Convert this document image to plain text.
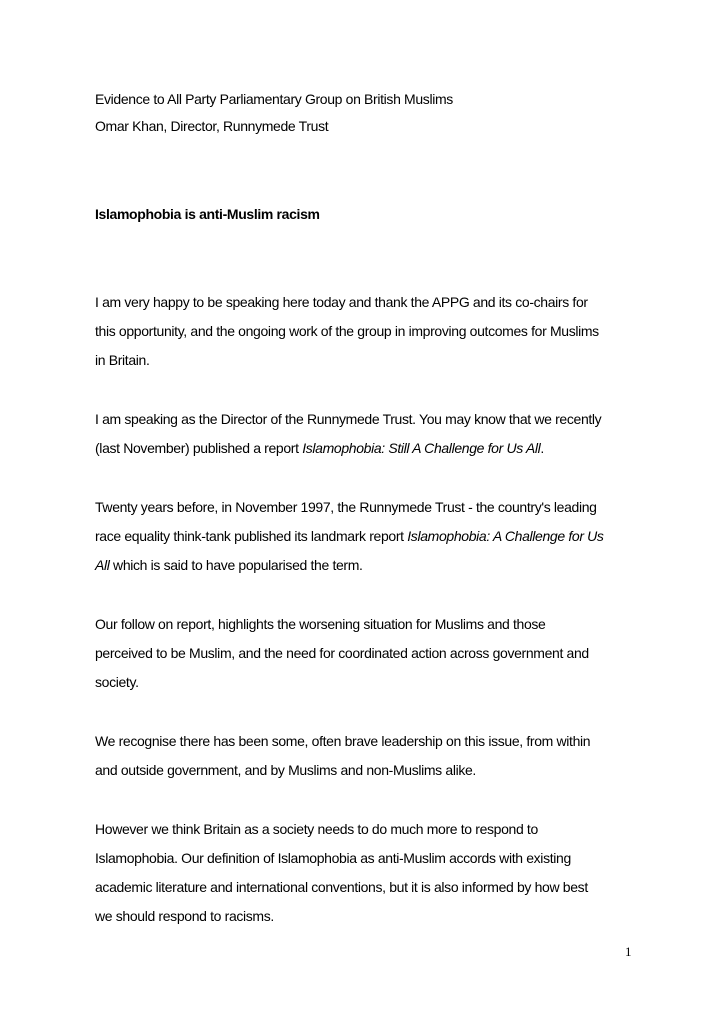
Evidence to All Party Parliamentary Group on British Muslims
Omar Khan, Director, Runnymede Trust
Islamophobia is anti-Muslim racism
I am very happy to be speaking here today and thank the APPG and its co-chairs for
this opportunity, and the ongoing work of the group in improving outcomes for Muslims
in Britain.
I am speaking as the Director of the Runnymede Trust. You may know that we recently
(last November) published a report Islamophobia: Still A Challenge for Us All.
Twenty years before, in November 1997, the Runnymede Trust - the country's leading
race equality think-tank published its landmark report Islamophobia: A Challenge for Us
All which is said to have popularised the term.
Our follow on report, highlights the worsening situation for Muslims and those
perceived to be Muslim, and the need for coordinated action across government and
society.
We recognise there has been some, often brave leadership on this issue, from within
and outside government, and by Muslims and non-Muslims alike.
However we think Britain as a society needs to do much more to respond to
Islamophobia. Our definition of Islamophobia as anti-Muslim accords with existing
academic literature and international conventions, but it is also informed by how best
we should respond to racisms.
1
